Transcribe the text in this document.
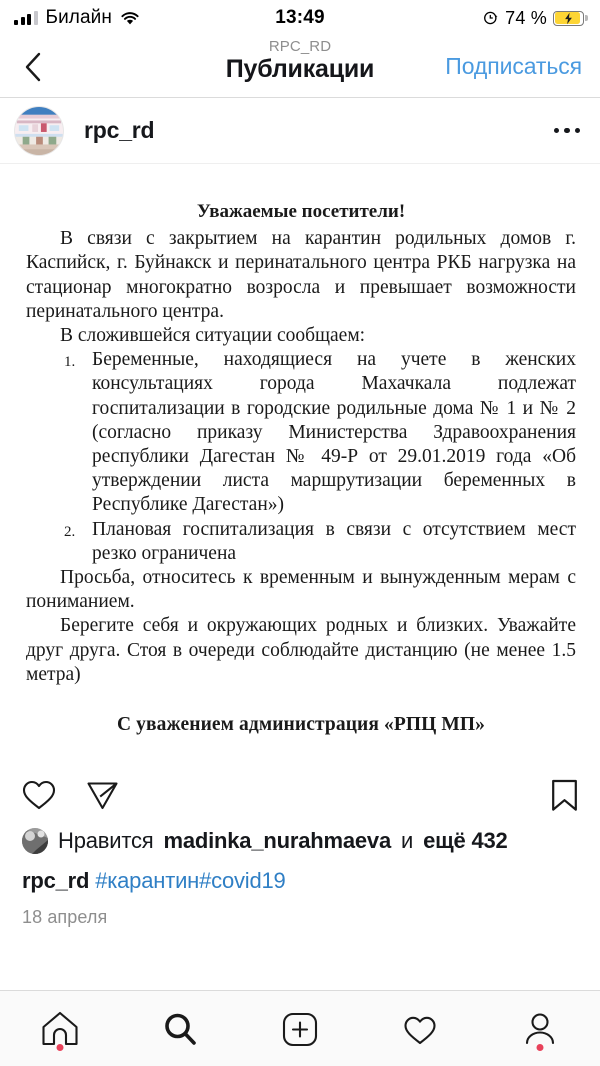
Билайн	13:49	74 %
RPC_RD
Публикации	Подписаться
rpc_rd
Уважаемые посетители!

В связи с закрытием на карантин родильных домов г. Каспийск, г. Буйнакск и перинатального центра РКБ нагрузка на стационар многократно возросла и превышает возможности перинатального центра.

В сложившейся ситуации сообщаем:

Беременные, находящиеся на учете в женских консультациях города Махачкала подлежат госпитализации в городские родильные дома № 1 и № 2 (согласно приказу Министерства Здравоохранения республики Дагестан № 49-Р от 29.01.2019 года «Об утверждении листа маршрутизации беременных в Республике Дагестан»)
Плановая госпитализация в связи с отсутствием мест резко ограничена

Просьба, относитесь к временным и вынужденным мерам с пониманием.

Берегите себя и окружающих родных и близких. Уважайте друг друга. Стоя в очереди соблюдайте дистанцию (не менее 1.5 метра)

С уважением администрация «РПЦ МП»

Нравится madinka_nurahmaeva и ещё 432
rpc_rd #карантин#covid19
18 апреля
